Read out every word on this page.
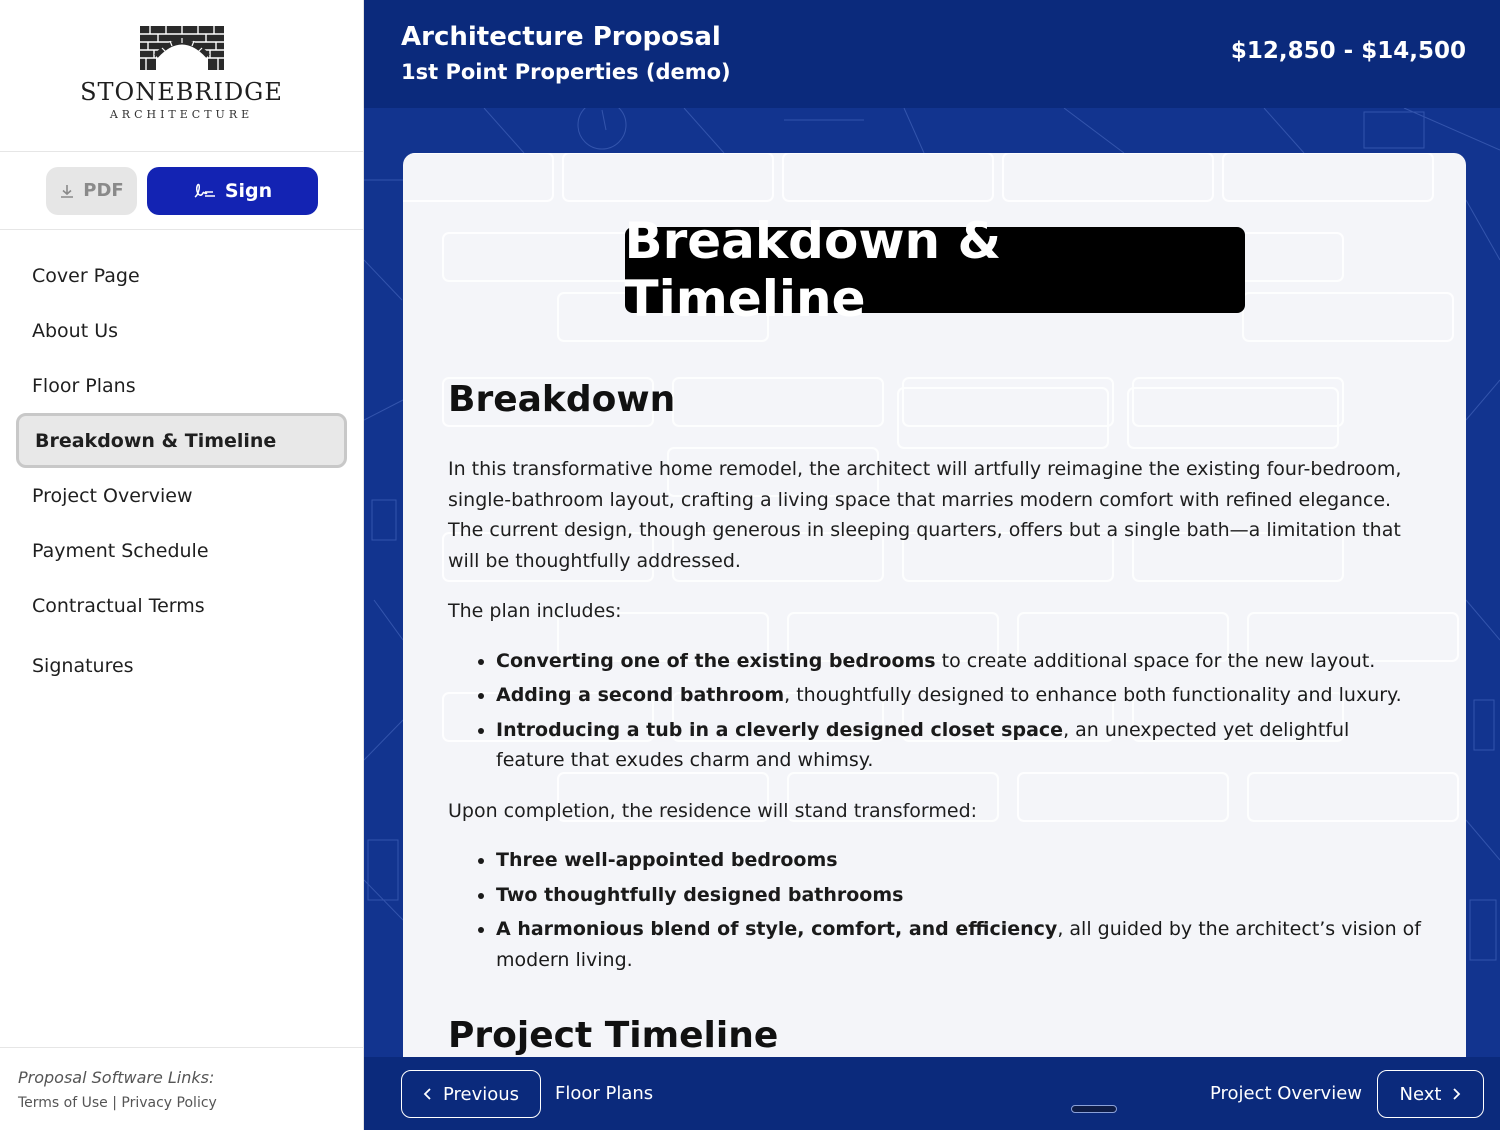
STONEBRIDGE
ARCHITECTURE
PDF	Sign
Cover Page
About Us
Floor Plans
Breakdown & Timeline
Project Overview
Payment Schedule
Contractual Terms
Signatures
Proposal Software Links:
Terms of Use | Privacy Policy
Architecture Proposal
1st Point Properties (demo)
$12,850 - $14,500
Breakdown & Timeline
Breakdown

In this transformative home remodel, the architect will artfully reimagine the existing four-bedroom, single-bathroom layout, crafting a living space that marries modern comfort with refined elegance. The current design, though generous in sleeping quarters, offers but a single bath—a limitation that will be thoughtfully addressed.

The plan includes:

• Converting one of the existing bedrooms to create additional space for the new layout.
• Adding a second bathroom, thoughtfully designed to enhance both functionality and luxury.
• Introducing a tub in a cleverly designed closet space, an unexpected yet delightful feature that exudes charm and whimsy.

Upon completion, the residence will stand transformed:

• Three well-appointed bedrooms
• Two thoughtfully designed bathrooms
• A harmonious blend of style, comfort, and efficiency, all guided by the architect’s vision of modern living.
Project Timeline
Previous Floor Plans	Project Overview Next
